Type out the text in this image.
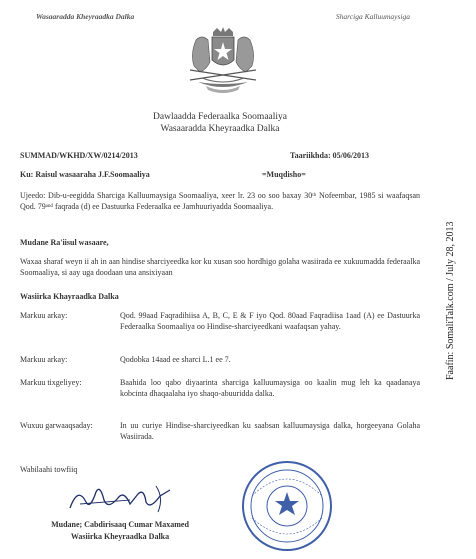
Wasaaradda Kheyraadka Dalka	Sharciga Kalluumaysiga
Dawlaadda Federaalka Soomaaliya
Wasaaradda Kheyraadka Dalka
SUMMAD/WKHD/XW/0214/2013	Taariikhda: 05/06/2013
Ku: Raisul wasaaraha J.F.Soomaaliya	=Muqdisho=
Ujeedo: Dib-u-eegidda Sharciga Kalluumaysiga Soomaaliya, xeer lr. 23 oo soo baxay 30ᵗʰ Nofeembar, 1985 si waafaqsan Qod. 79ᵃⁿᵈ faqrada (d) ee Dastuurka Federaalka ee Jamhuuriyadda Soomaaliya.
Mudane Ra'iisul wasaare,
Waxaa sharaf weyn ii ah in aan hindise sharciyeedka kor ku xusan soo hordhigo golaha wasiirada ee xukuumadda federaalka Soomaaliya, si aay uga doodaan una ansixiyaan
Wasiirka Khayraadka Dalka
Markuu arkay:	Qod. 99aad Faqradihiisa A, B, C, E & F iyo Qod. 80aad Faqradiisa 1aad (A) ee Dastuurka Federaalka Soomaaliya oo Hindise-sharciyeedkani waafaqsan yahay.
Markuu arkay:	Qodobka 14aad ee sharci L.1 ee 7.
Markuu tixgeliyey:	Baahida loo qabo diyaarinta sharciga kalluumaysiga oo kaalin mug leh ka qaadanaya kobcinta dhaqaalaha iyo shaqo-abuuridda dalka.
Wuxuu garwaaqsaday:	In uu curiye Hindise-sharciyeedkan ku saabsan kalluumaysiga dalka, horgeeyana Golaha Wasiirada.
Wabilaahi towfiiq
Mudane; Cabdirisaaq Cumar Maxamed
Wasiirka Kheyraadka Dalka
Faafin: SomaliTalk.com / July 28, 2013
